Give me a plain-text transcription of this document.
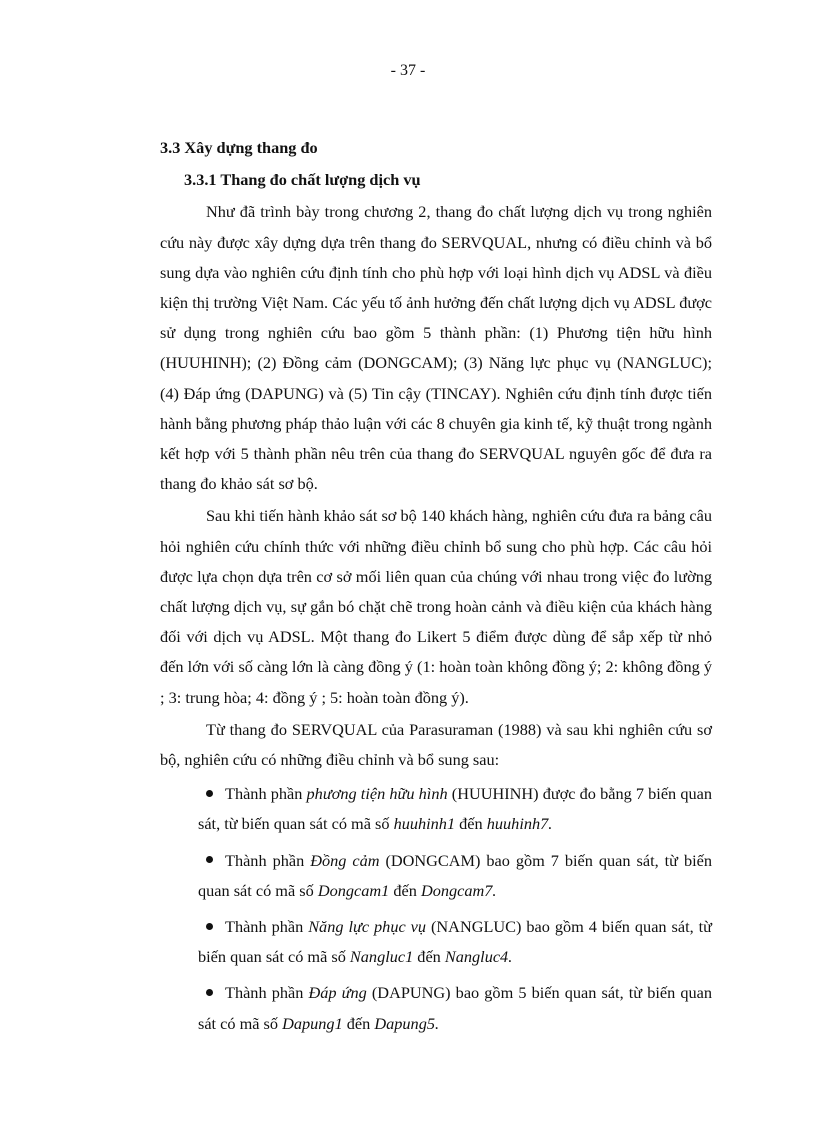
- 37 -
3.3 Xây dựng thang đo
3.3.1 Thang đo chất lượng dịch vụ

Như đã trình bày trong chương 2, thang đo chất lượng dịch vụ trong nghiên cứu này được xây dựng dựa trên thang đo SERVQUAL, nhưng có điều chỉnh và bổ sung dựa vào nghiên cứu định tính cho phù hợp với loại hình dịch vụ ADSL và điều kiện thị trường Việt Nam. Các yếu tố ảnh hưởng đến chất lượng dịch vụ ADSL được sử dụng trong nghiên cứu bao gồm 5 thành phần: (1) Phương tiện hữu hình (HUUHINH); (2) Đồng cảm (DONGCAM); (3) Năng lực phục vụ (NANGLUC); (4) Đáp ứng (DAPUNG) và (5) Tin cậy (TINCAY). Nghiên cứu định tính được tiến hành bằng phương pháp thảo luận với các 8 chuyên gia kinh tế, kỹ thuật trong ngành kết hợp với 5 thành phần nêu trên của thang đo SERVQUAL nguyên gốc để đưa ra thang đo khảo sát sơ bộ.

Sau khi tiến hành khảo sát sơ bộ 140 khách hàng, nghiên cứu đưa ra bảng câu hỏi nghiên cứu chính thức với những điều chỉnh bổ sung cho phù hợp. Các câu hỏi được lựa chọn dựa trên cơ sở mối liên quan của chúng với nhau trong việc đo lường chất lượng dịch vụ, sự gắn bó chặt chẽ trong hoàn cảnh và điều kiện của khách hàng đối với dịch vụ ADSL. Một thang đo Likert 5 điểm được dùng để sắp xếp từ nhỏ đến lớn với số càng lớn là càng đồng ý (1: hoàn toàn không đồng ý; 2: không đồng ý ; 3: trung hòa; 4: đồng ý ; 5: hoàn toàn đồng ý).

Từ thang đo SERVQUAL của Parasuraman (1988) và sau khi nghiên cứu sơ bộ, nghiên cứu có những điều chỉnh và bổ sung sau:

Thành phần phương tiện hữu hình (HUUHINH) được đo bằng 7 biến quan sát, từ biến quan sát có mã số huuhinh1 đến huuhinh7.
Thành phần Đồng cảm (DONGCAM) bao gồm 7 biến quan sát, từ biến quan sát có mã số Dongcam1 đến Dongcam7.
Thành phần Năng lực phục vụ (NANGLUC) bao gồm 4 biến quan sát, từ biến quan sát có mã số Nangluc1 đến Nangluc4.
Thành phần Đáp ứng (DAPUNG) bao gồm 5 biến quan sát, từ biến quan sát có mã số Dapung1 đến Dapung5.
